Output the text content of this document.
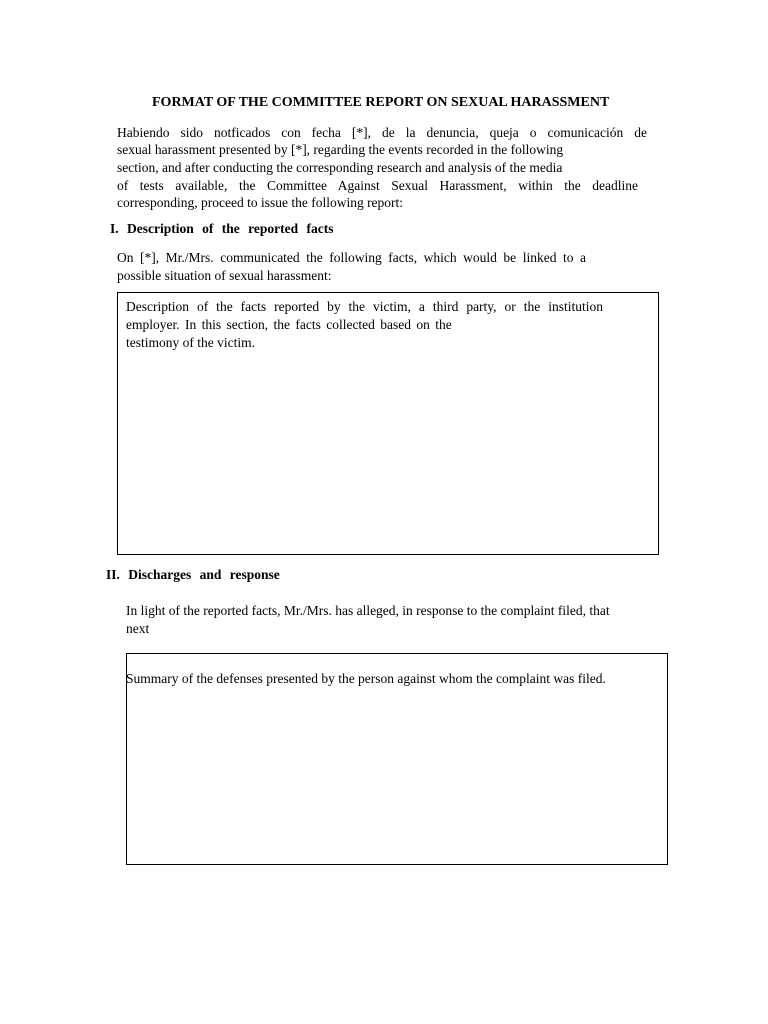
FORMAT OF THE COMMITTEE REPORT ON SEXUAL HARASSMENT
Habiendo sido notficados con fecha [*], de la denuncia, queja o comunicación de
sexual harassment presented by [*], regarding the events recorded in the following
section, and after conducting the corresponding research and analysis of the media
of tests available, the Committee Against Sexual Harassment, within the deadline
corresponding, proceed to issue the following report:
I. Description of the reported facts
On [*], Mr./Mrs. communicated the following facts, which would be linked to a
possible situation of sexual harassment:
Description of the facts reported by the victim, a third party, or the institution
employer. In this section, the facts collected based on the
testimony of the victim.
II. Discharges and response
In light of the reported facts, Mr./Mrs. has alleged, in response to the complaint filed, that
next
Summary of the defenses presented by the person against whom the complaint was filed.
